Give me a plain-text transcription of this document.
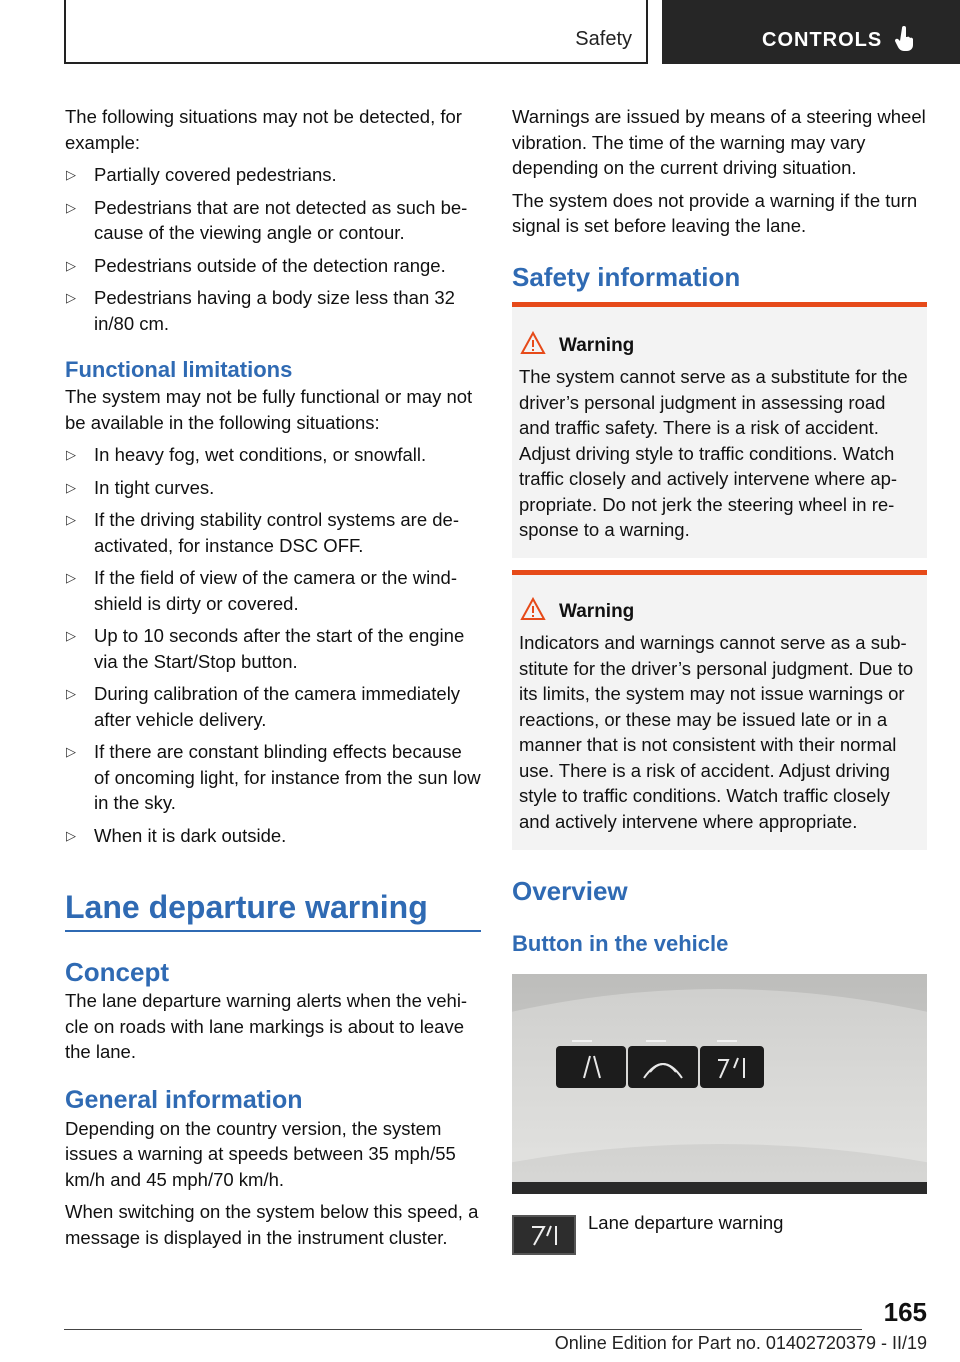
Safety	CONTROLS

The following situations may not be detected, for example:

▷ Partially covered pedestrians.
▷ Pedestrians that are not detected as such be-cause of the viewing angle or contour.
▷ Pedestrians outside of the detection range.
▷ Pedestrians having a body size less than 32 in/80 cm.
Functional limitations

The system may not be fully functional or may not be available in the following situations:

▷ In heavy fog, wet conditions, or snowfall.
▷ In tight curves.
▷ If the driving stability control systems are de-activated, for instance DSC OFF.
▷ If the field of view of the camera or the wind-shield is dirty or covered.
▷ Up to 10 seconds after the start of the engine via the Start/Stop button.
▷ During calibration of the camera immediately after vehicle delivery.
▷ If there are constant blinding effects because of oncoming light, for instance from the sun low in the sky.
▷ When it is dark outside.
Lane departure warning
Concept

The lane departure warning alerts when the vehi-cle on roads with lane markings is about to leave the lane.

General information

Depending on the country version, the system issues a warning at speeds between 35 mph/55 km/h and 45 mph/70 km/h.

When switching on the system below this speed, a message is displayed in the instrument cluster.

Warnings are issued by means of a steering wheel vibration. The time of the warning may vary depending on the current driving situation.

The system does not provide a warning if the turn signal is set before leaving the lane.

Safety information
Warning

The system cannot serve as a substitute for the driver’s personal judgment in assessing road and traffic safety. There is a risk of accident. Adjust driving style to traffic conditions. Watch traffic closely and actively intervene where ap-propriate. Do not jerk the steering wheel in re-sponse to a warning.

Warning

Indicators and warnings cannot serve as a sub-stitute for the driver’s personal judgment. Due to its limits, the system may not issue warnings or reactions, or these may be issued late or in a manner that is not consistent with their normal use. There is a risk of accident. Adjust driving style to traffic conditions. Watch traffic closely and actively intervene where appropriate.

Overview
Button in the vehicle
Lane departure warning
165
Online Edition for Part no. 01402720379 - II/19
